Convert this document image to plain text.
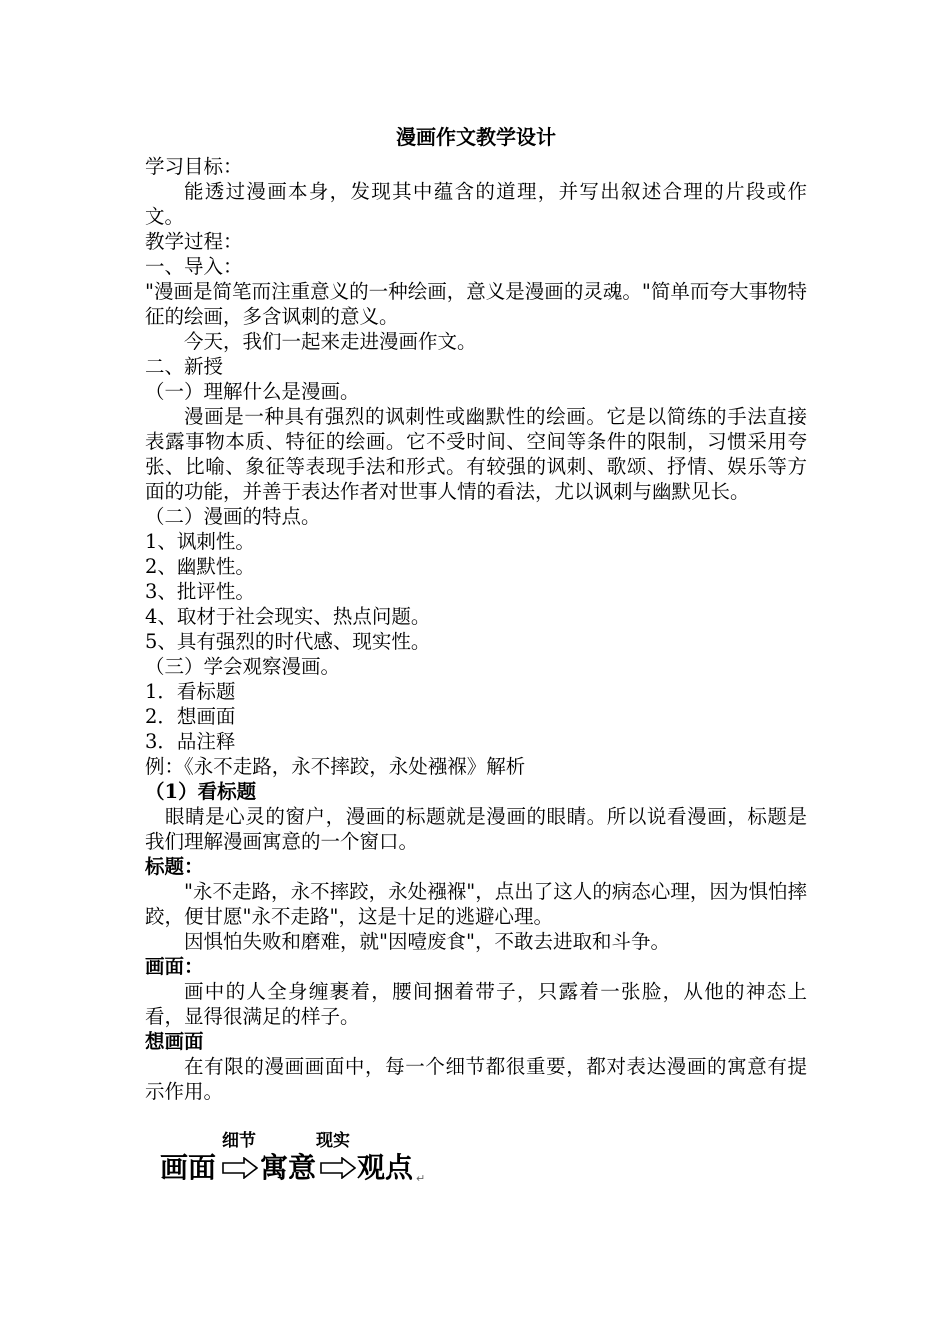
漫画作文教学设计

学习目标：

能透过漫画本身，发现其中蕴含的道理，并写出叙述合理的片段或作文。

教学过程：

一、导入：

"漫画是简笔而注重意义的一种绘画，意义是漫画的灵魂。"简单而夸大事物特征的绘画，多含讽刺的意义。

今天，我们一起来走进漫画作文。

二、新授

（一）理解什么是漫画。

漫画是一种具有强烈的讽刺性或幽默性的绘画。它是以简练的手法直接表露事物本质、特征的绘画。它不受时间、空间等条件的限制，习惯采用夸张、比喻、象征等表现手法和形式。有较强的讽刺、歌颂、抒情、娱乐等方面的功能，并善于表达作者对世事人情的看法，尤以讽刺与幽默见长。

（二）漫画的特点。

1、讽刺性。

2、幽默性。

3、批评性。

4、取材于社会现实、热点问题。

5、具有强烈的时代感、现实性。

（三）学会观察漫画。

1．看标题

2．想画面

3．品注释

例：《永不走路，永不摔跤，永处襁褓》解析

（1）看标题

眼睛是心灵的窗户，漫画的标题就是漫画的眼睛。所以说看漫画，标题是我们理解漫画寓意的一个窗口。

标题：

"永不走路，永不摔跤，永处襁褓"，点出了这人的病态心理，因为惧怕摔跤，便甘愿"永不走路"，这是十足的逃避心理。

因惧怕失败和磨难，就"因噎废食"，不敢去进取和斗争。

画面：

画中的人全身缠裹着，腰间捆着带子，只露着一张脸，从他的神态上看，显得很满足的样子。

想画面

在有限的漫画画面中，每一个细节都很重要，都对表达漫画的寓意有提示作用。

细节	现实
画面 寓意 观点 ↵
